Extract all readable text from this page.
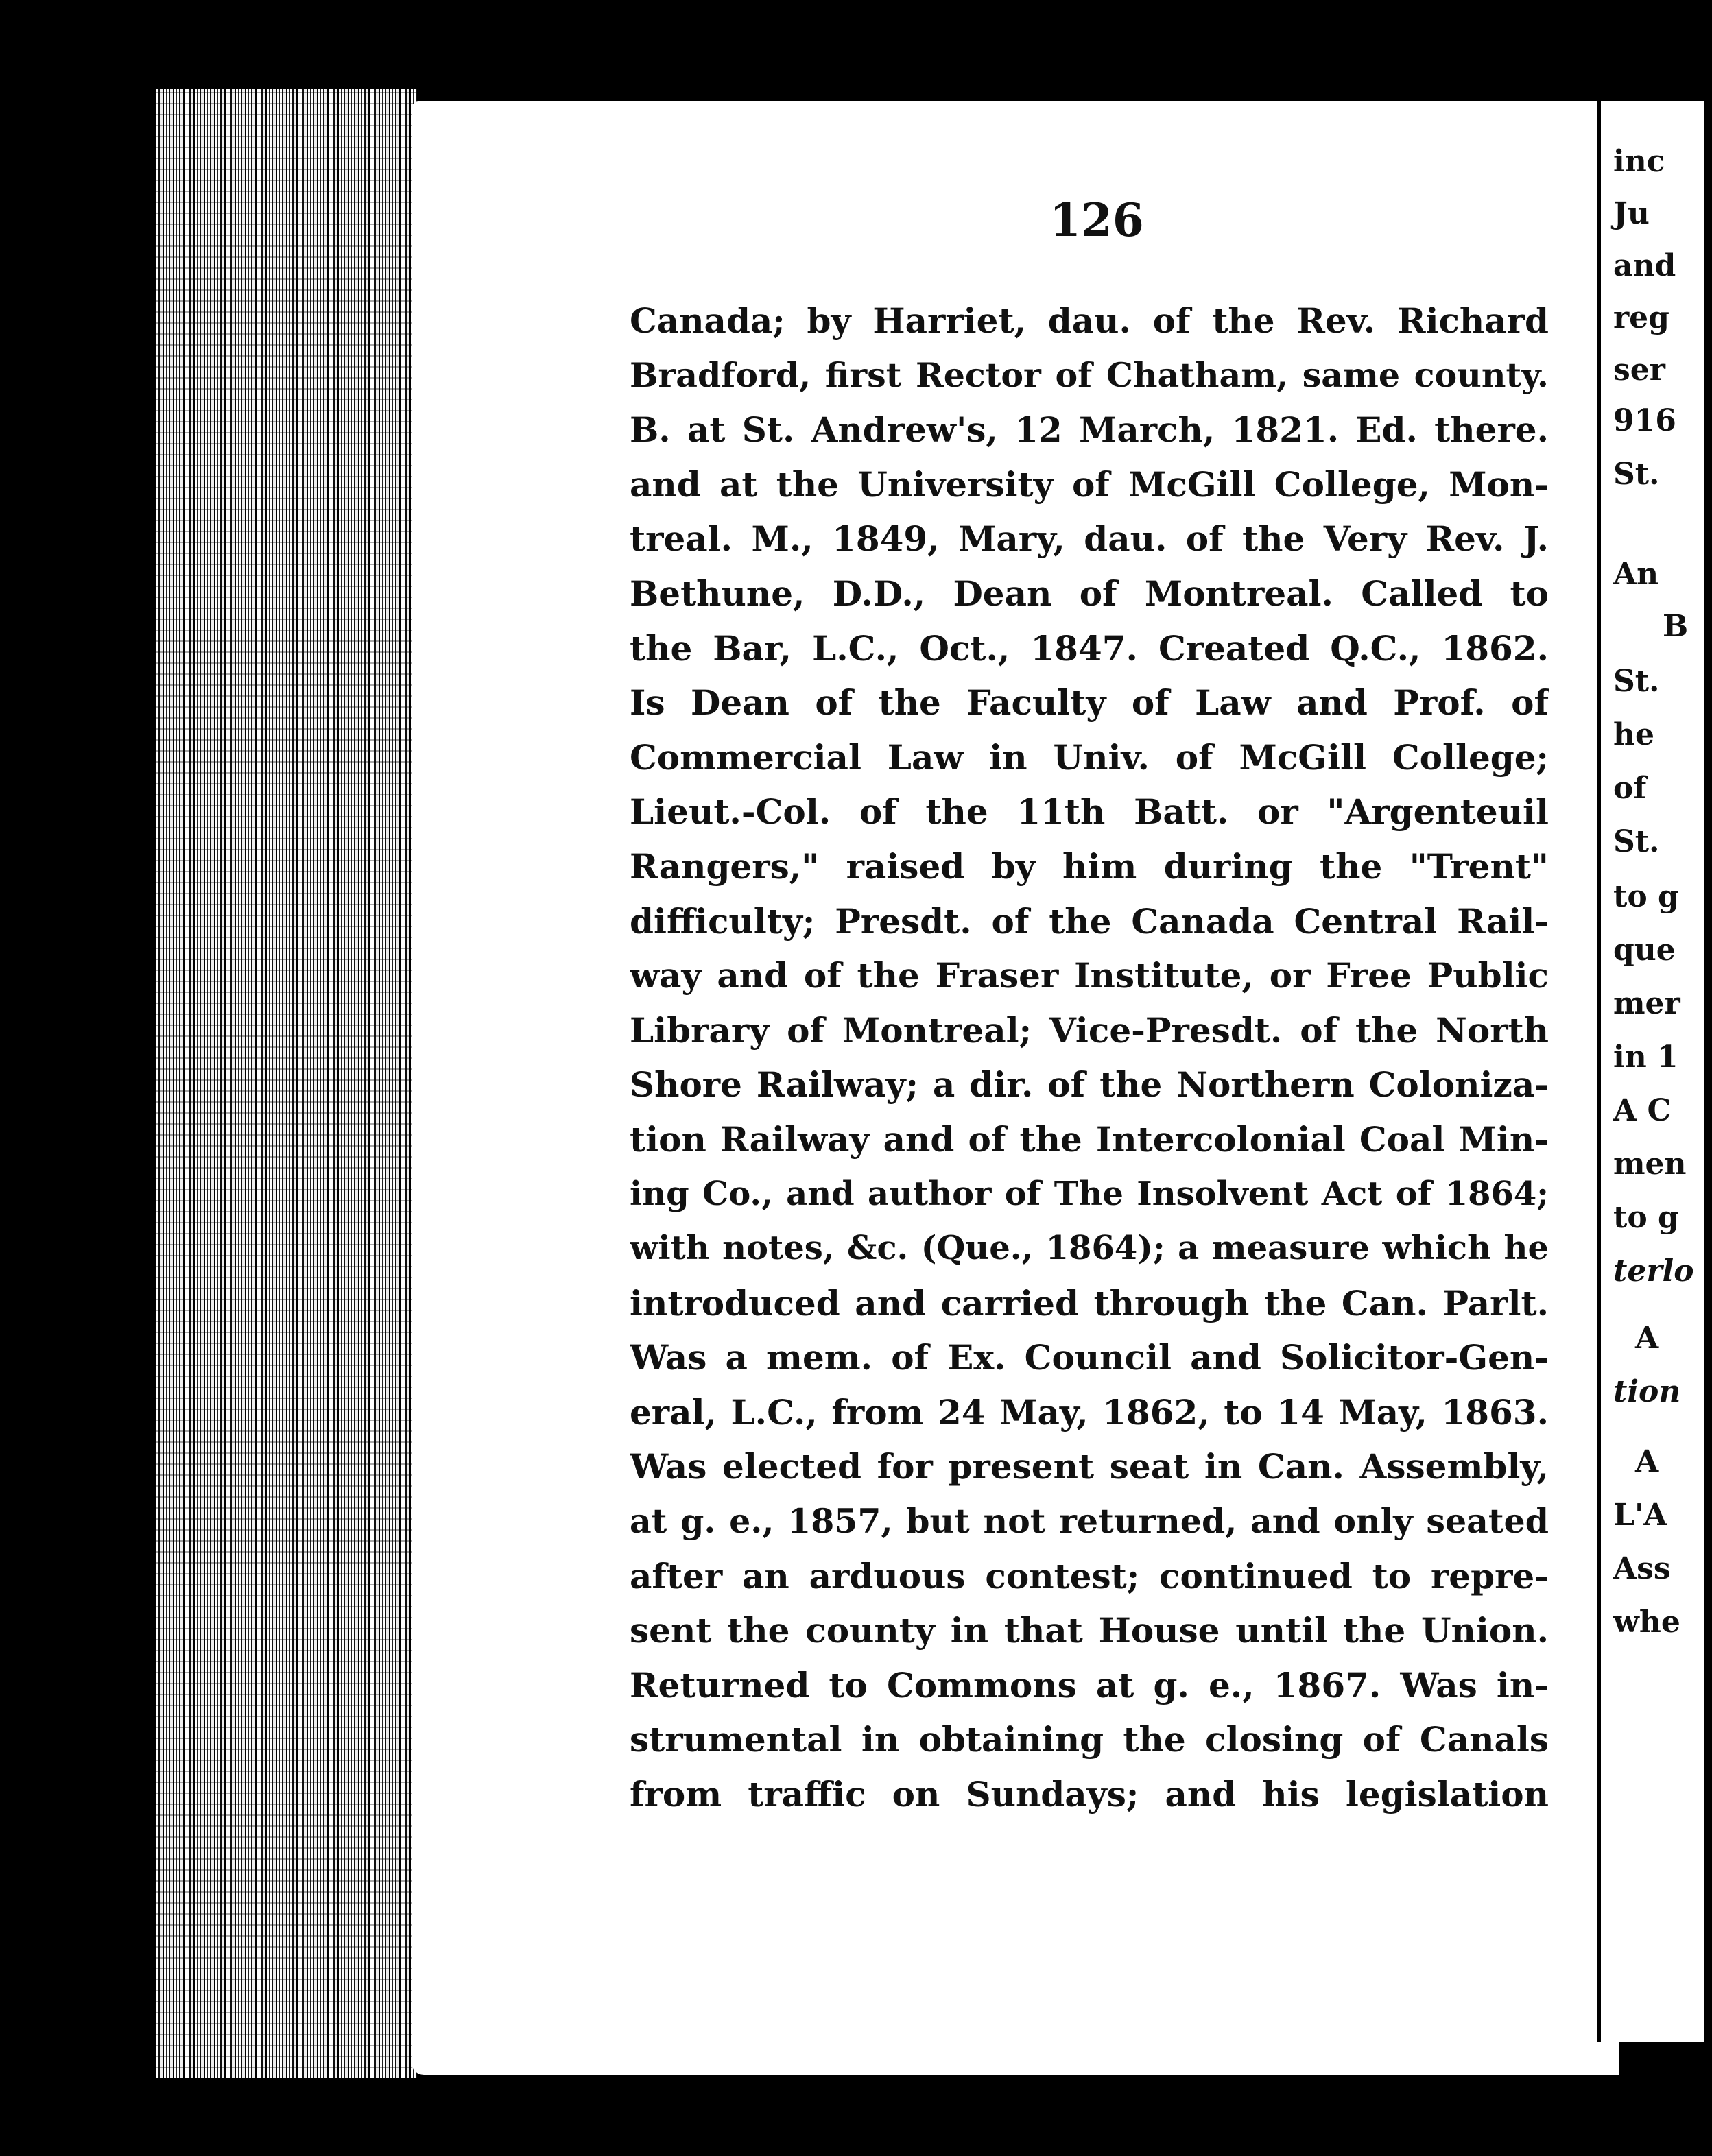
inc
Ju
and
reg
ser
916
St.
An
B
St.
he
of
St.
to g
que
mer
in 1
A C
men
to g
terlo
A
tion
A
L'A
Ass
whe
126
Canada; by Harriet, dau. of the Rev. Richard
Bradford, first Rector of Chatham, same county.
B. at St. Andrew's, 12 March, 1821. Ed. there.
and at the University of McGill College, Mon-
treal. M., 1849, Mary, dau. of the Very Rev. J.
Bethune, D.D., Dean of Montreal. Called to
the Bar, L.C., Oct., 1847. Created Q.C., 1862.
Is Dean of the Faculty of Law and Prof. of
Commercial Law in Univ. of McGill College;
Lieut.-Col. of the 11th Batt. or "Argenteuil
Rangers," raised by him during the "Trent"
difficulty; Presdt. of the Canada Central Rail-
way and of the Fraser Institute, or Free Public
Library of Montreal; Vice-Presdt. of the North
Shore Railway; a dir. of the Northern Coloniza-
tion Railway and of the Intercolonial Coal Min-
ing Co., and author of The Insolvent Act of 1864;
with notes, &c. (Que., 1864); a measure which he
introduced and carried through the Can. Parlt.
Was a mem. of Ex. Council and Solicitor-Gen-
eral, L.C., from 24 May, 1862, to 14 May, 1863.
Was elected for present seat in Can. Assembly,
at g. e., 1857, but not returned, and only seated
after an arduous contest; continued to repre-
sent the county in that House until the Union.
Returned to Commons at g. e., 1867. Was in-
strumental in obtaining the closing of Canals
from traffic on Sundays; and his legislation
